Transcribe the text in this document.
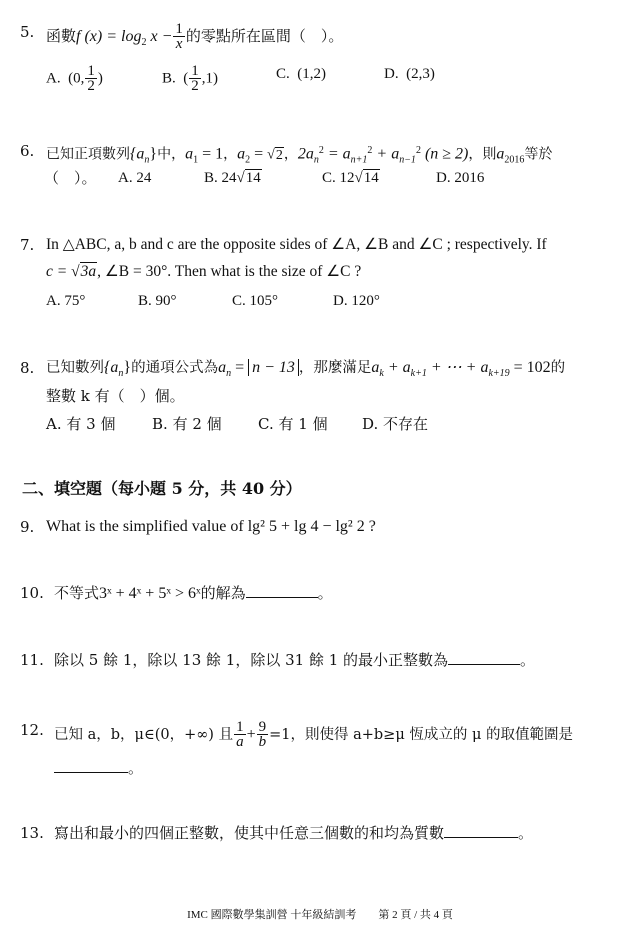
5. 函數f $(x) = \log_2 x - \frac{1}{x}$ 的零點所在區間（　）。
A. (0, $\frac{1}{2}$ )	B. ( $\frac{1}{2} ,1$)	C. (1,2)	D. (2,3)
6. 已知正項數列$\{a_n\}$中，$a_1 = 1$，$a_2 = √2$，$2a_n^2 = a_{n+1}^2 + a_{n-1}^2$ (n ≥ 2)，則$a_{2016}$等於
（　）。 A. 24	B. 24√14	C. 12√14	D. 2016
7. In △ABC, a, b and c are the opposite sides of ∠A, ∠B and ∠C ; respectively. If
c = √3a, ∠B = 30°. Then what is the size of ∠C ?
A. 75°	B. 90°	C. 105°	D. 120°
8. 已知數列$\{a_n\}$的通項公式為$a_n = n - 13$ ，那麼滿足$a_k + a_{k+1}$ + ⋯ + $a_{k+19} = 102$的
整數 k 有（　）個。
A. 有 3 個 B. 有 2 個 C. 有 1 個 D. 不存在
二、填空題（每小題 5 分，共 40 分）
9. What is the simplified value of lg² 5 + lg 4 − lg² 2 ?
10. 不等式3ˣ + 4ˣ + 5ˣ > 6ˣ的解為	。
11. 除以 5 餘 1，除以 13 餘 1，除以 31 餘 1 的最小正整數為	。
12. 已知 a，b，μ∈(0，+∞) 且 $\frac{1}{a} + \frac{9}{b} =1$，則使得 a+b≥μ 恆成立的 μ 的取值範圍是
。
13. 寫出和最小的四個正整數，使其中任意三個數的和均為質數	。
IMC 國際數學集訓營 十年級結訓考　　第 2 頁 / 共 4 頁
